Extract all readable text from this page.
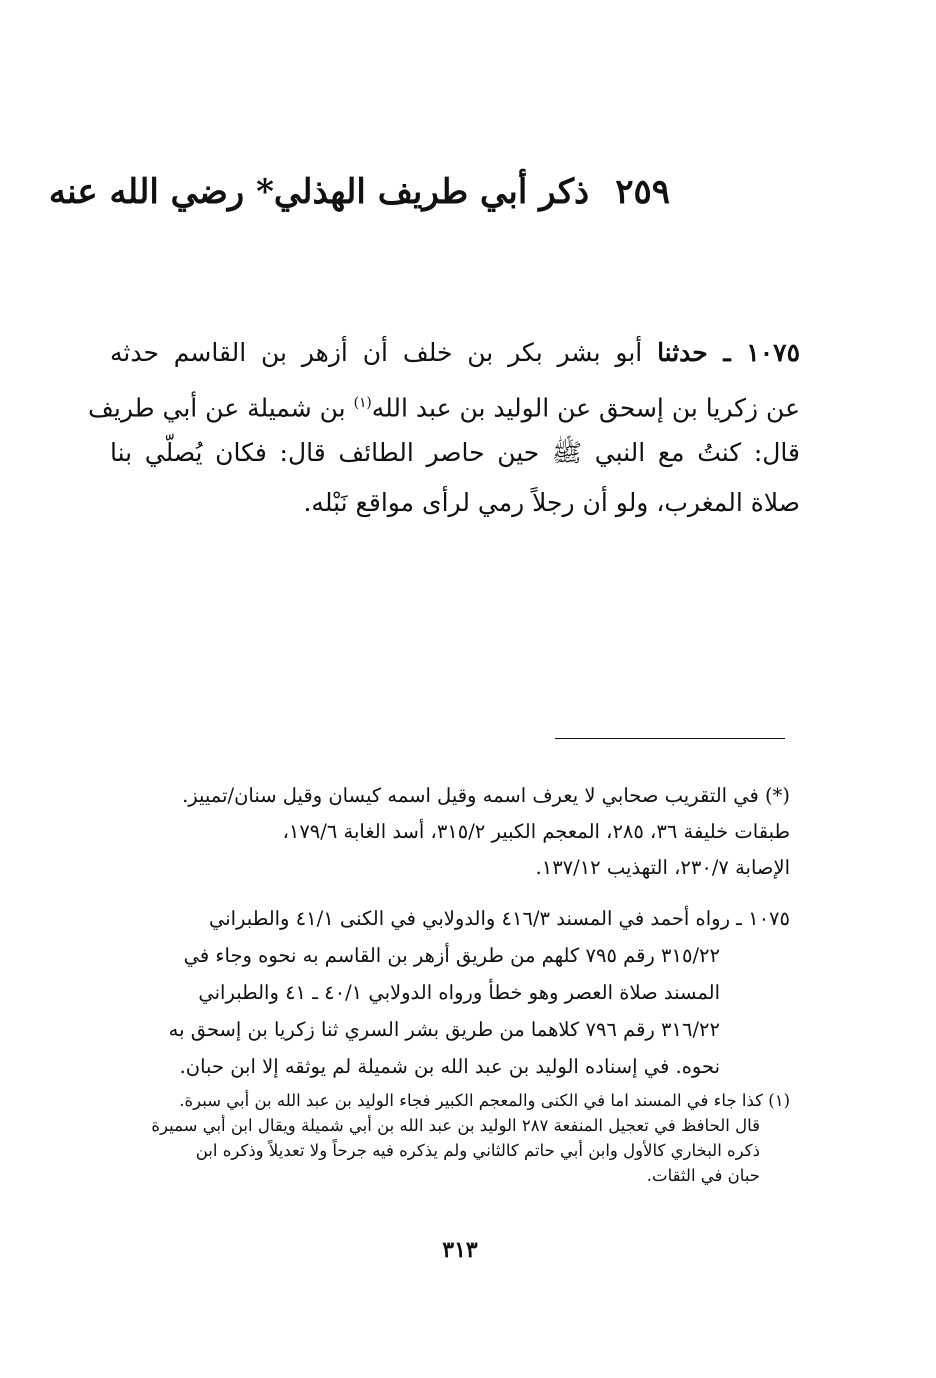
٢٥٩ذكر أبي طريف الهذلي* رضي الله عنه
١٠٧٥ ـ حدثنا أبو بشر بكر بن خلف أن أزهر بن القاسم حدثه
عن زكريا بن إسحق عن الوليد بن عبد الله$^{(١)}$ بن شميلة عن أبي طريف
قال: كنتُ مع النبي ﷺ حين حاصر الطائف قال: فكان يُصلّي بنا
صلاة المغرب، ولو أن رجلاً رمي لرأى مواقع نَبْله.
(*) في التقريب صحابي لا يعرف اسمه وقيل اسمه كيسان وقيل سنان/تمييز.
طبقات خليفة ٣٦، ٢٨٥، المعجم الكبير ٣١٥/٢، أسد الغابة ١٧٩/٦،
الإصابة ٢٣٠/٧، التهذيب ١٣٧/١٢.
١٠٧٥ ـ رواه أحمد في المسند ٤١٦/٣ والدولابي في الكنى ٤١/١ والطبراني
٣١٥/٢٢ رقم ٧٩٥ كلهم من طريق أزهر بن القاسم به نحوه وجاء في
المسند صلاة العصر وهو خطأ ورواه الدولابي ٤٠/١ ـ ٤١ والطبراني
٣١٦/٢٢ رقم ٧٩٦ كلاهما من طريق بشر السري ثنا زكريا بن إسحق به
نحوه. في إسناده الوليد بن عبد الله بن شميلة لم يوثقه إلا ابن حبان.
(١) كذا جاء في المسند اما في الكنى والمعجم الكبير فجاء الوليد بن عبد الله بن أبي سبرة.
قال الحافظ في تعجيل المنفعة ٢٨٧ الوليد بن عبد الله بن أبي شميلة ويقال ابن أبي سميرة
ذكره البخاري كالأول وابن أبي حاتم كالثاني ولم يذكره فيه جرحاً ولا تعديلاً وذكره ابن
حبان في الثقات.
٣١٣
